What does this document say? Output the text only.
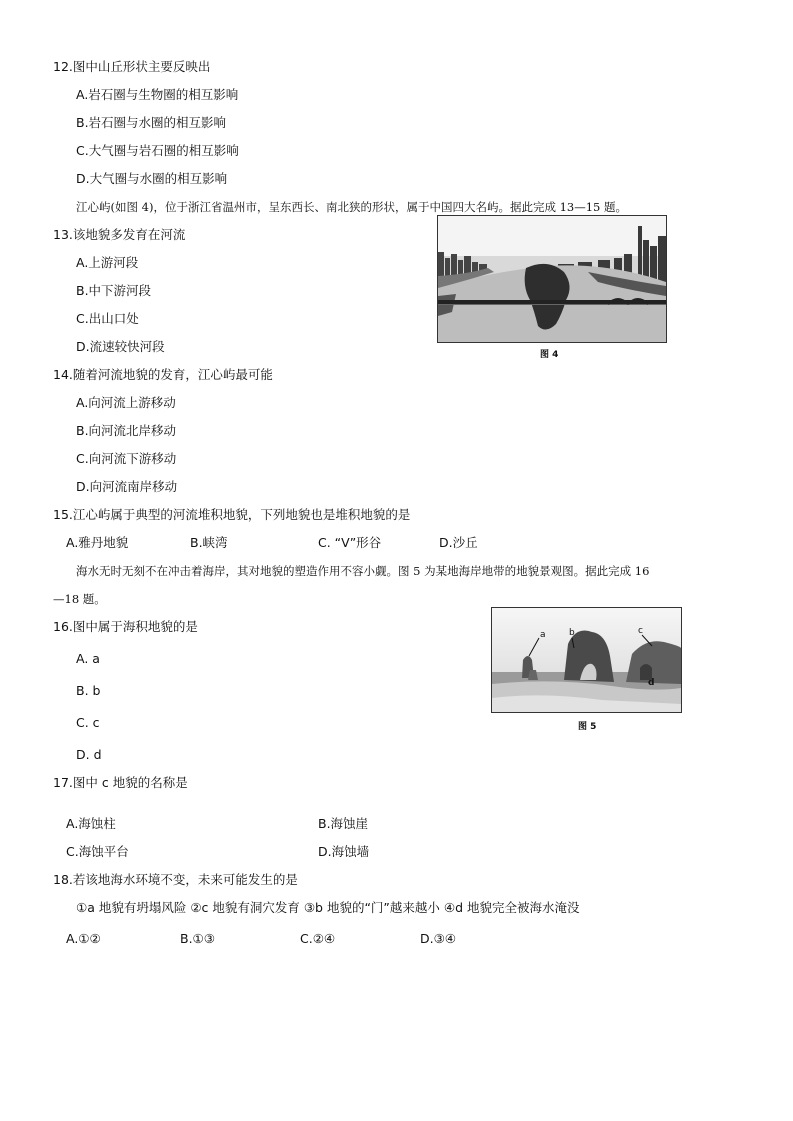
12.图中山丘形状主要反映出
A.岩石圈与生物圈的相互影响
B.岩石圈与水圈的相互影响
C.大气圈与岩石圈的相互影响
D.大气圈与水圈的相互影响
江心屿(如图 4)，位于浙江省温州市，呈东西长、南北狭的形状，属于中国四大名屿。据此完成 13—15 题。
13.该地貌多发育在河流
A.上游河段
B.中下游河段
C.出山口处
D.流速较快河段
图 4
14.随着河流地貌的发育，江心屿最可能
A.向河流上游移动
B.向河流北岸移动
C.向河流下游移动
D.向河流南岸移动
15.江心屿属于典型的河流堆积地貌，下列地貌也是堆积地貌的是
A.雅丹地貌	B.峡湾	C. “V”形谷	D.沙丘
海水无时无刻不在冲击着海岸，其对地貌的塑造作用不容小觑。图 5 为某地海岸地带的地貌景观图。据此完成 16
—18 题。
16.图中属于海积地貌的是
A. a
B. b
C. c
D. d
a	b	c
d
图 5
17.图中 c 地貌的名称是
A.海蚀柱	B.海蚀崖
C.海蚀平台	D.海蚀墙
18.若该地海水环境不变，未来可能发生的是
①a 地貌有坍塌风险 ②c 地貌有洞穴发育 ③b 地貌的“门”越来越小 ④d 地貌完全被海水淹没
A.①②	B.①③	C.②④	D.③④
